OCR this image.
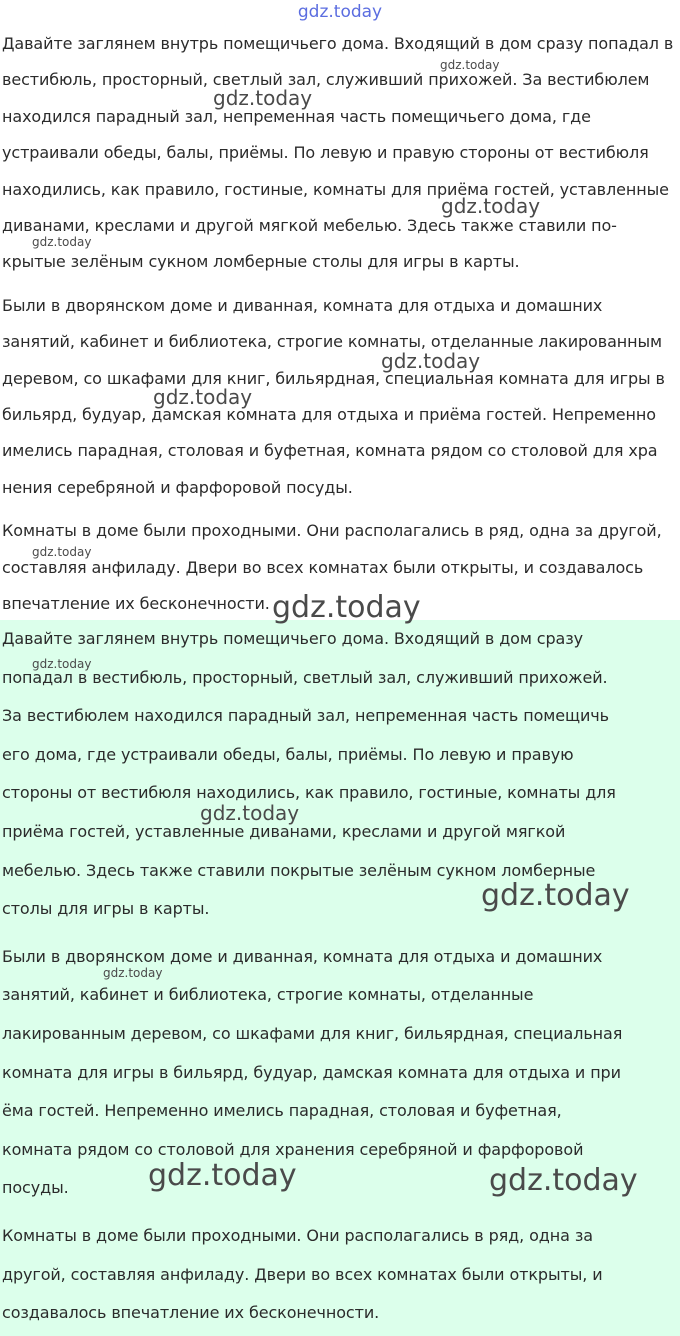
gdz.today

Давайте заглянем внутрь помещичьего дома. Входящий в дом сразу попадал в
вестибюль, просторный, светлый зал, служивший прихожей. За вестибюлем
находился парадный зал, непременная часть помещичьего дома, где
устраивали обеды, балы, приёмы. По левую и правую стороны от вестибюля
находились, как правило, гостиные, комнаты для приёма гостей, уставленные
диванами, креслами и другой мягкой мебелью. Здесь также ставили по-
крытые зелёным сукном ломберные столы для игры в карты.

Были в дворянском доме и диванная, комната для отдыха и домашних
занятий, кабинет и библиотека, строгие комнаты, отделанные лакированным
деревом, со шкафами для книг, бильярдная, специальная комната для игры в
бильярд, будуар, дамская комната для отдыха и приёма гостей. Непременно
имелись парадная, столовая и буфетная, комната рядом со столовой для хра
нения серебряной и фарфоровой посуды.

Комнаты в доме были проходными. Они располагались в ряд, одна за другой,
составляя анфиладу. Двери во всех комнатах были открыты, и создавалось
впечатление их бесконечности.

Давайте заглянем внутрь помещичьего дома. Входящий в дом сразу
попадал в вестибюль, просторный, светлый зал, служивший прихожей.
За вестибюлем находился парадный зал, непременная часть помещичь
его дома, где устраивали обеды, балы, приёмы. По левую и правую
стороны от вестибюля находились, как правило, гостиные, комнаты для
приёма гостей, уставленные диванами, креслами и другой мягкой
мебелью. Здесь также ставили покрытые зелёным сукном ломберные
столы для игры в карты.

Были в дворянском доме и диванная, комната для отдыха и домашних
занятий, кабинет и библиотека, строгие комнаты, отделанные
лакированным деревом, со шкафами для книг, бильярдная, специальная
комната для игры в бильярд, будуар, дамская комната для отдыха и при
ёма гостей. Непременно имелись парадная, столовая и буфетная,
комната рядом со столовой для хранения серебряной и фарфоровой
посуды.

Комнаты в доме были проходными. Они располагались в ряд, одна за
другой, составляя анфиладу. Двери во всех комнатах были открыты, и
создавалось впечатление их бесконечности.

gdz.today
gdz.today
gdz.today
gdz.today
gdz.today
gdz.today
gdz.today
gdz.today
gdz.today
gdz.today
gdz.today
gdz.today
gdz.today	gdz.today
